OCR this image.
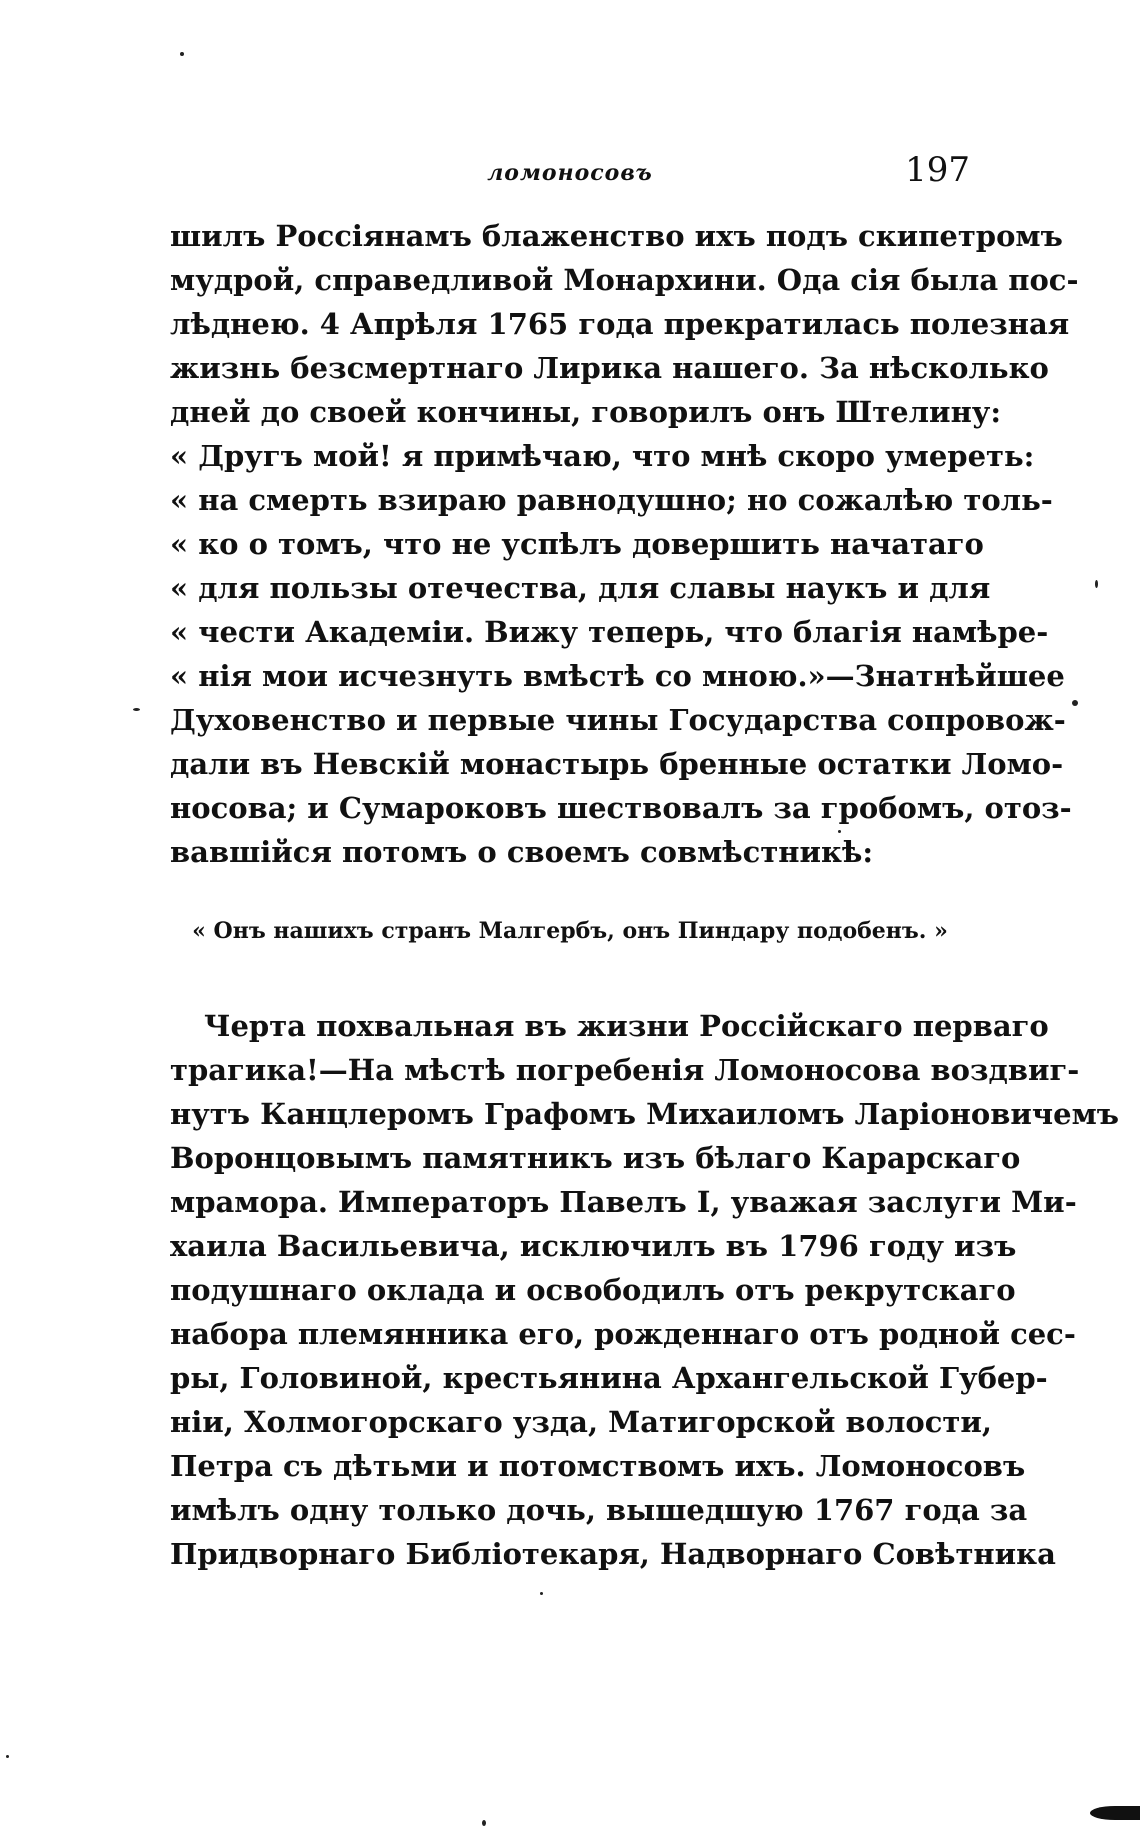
ломоносовъ	197
шилъ Россіянамъ блаженство ихъ подъ скипетромъ
мудрой, справедливой Монархини. Ода сія была пос-
лѣднею. 4 Апрѣля 1765 года прекратилась полезная
жизнь безсмертнаго Лирика нашего. За нѣсколько
дней до своей кончины, говорилъ онъ Штелину:
« Другъ мой! я примѣчаю, что мнѣ скоро умереть:
« на смерть взираю равнодушно; но сожалѣю толь-
« ко о томъ, что не успѣлъ довершить начатаго
« для пользы отечества, для славы наукъ и для
« чести Академіи. Вижу теперь, что благія намѣре-
« нія мои исчезнуть вмѣстѣ со мною.»—Знатнѣйшее
Духовенство и первые чины Государства сопровож-
дали въ Невскій монастырь бренные остатки Ломо-
носова; и Сумароковъ шествовалъ за гробомъ, отоз-
вавшійся потомъ о своемъ совмѣстникѣ:
« Онъ нашихъ странъ Малгербъ, онъ Пиндару подобенъ. »
Черта похвальная въ жизни Россійскаго перваго
трагика!—На мѣстѣ погребенія Ломоносова воздвиг-
нутъ Канцлеромъ Графомъ Михаиломъ Ларіоновичемъ
Воронцовымъ памятникъ изъ бѣлаго Карарскаго
мрамора. Императоръ Павелъ I, уважая заслуги Ми-
хаила Васильевича, исключилъ въ 1796 году изъ
подушнаго оклада и освободилъ отъ рекрутскаго
набора племянника его, рожденнаго отъ родной сес-
ры, Головиной, крестьянина Архангельской Губер-
ніи, Холмогорскаго узда, Матигорской волости,
Петра съ дѣтьми и потомствомъ ихъ. Ломоносовъ
имѣлъ одну только дочь, вышедшую 1767 года за
Придворнаго Библіотекаря, Надворнаго Совѣтника
